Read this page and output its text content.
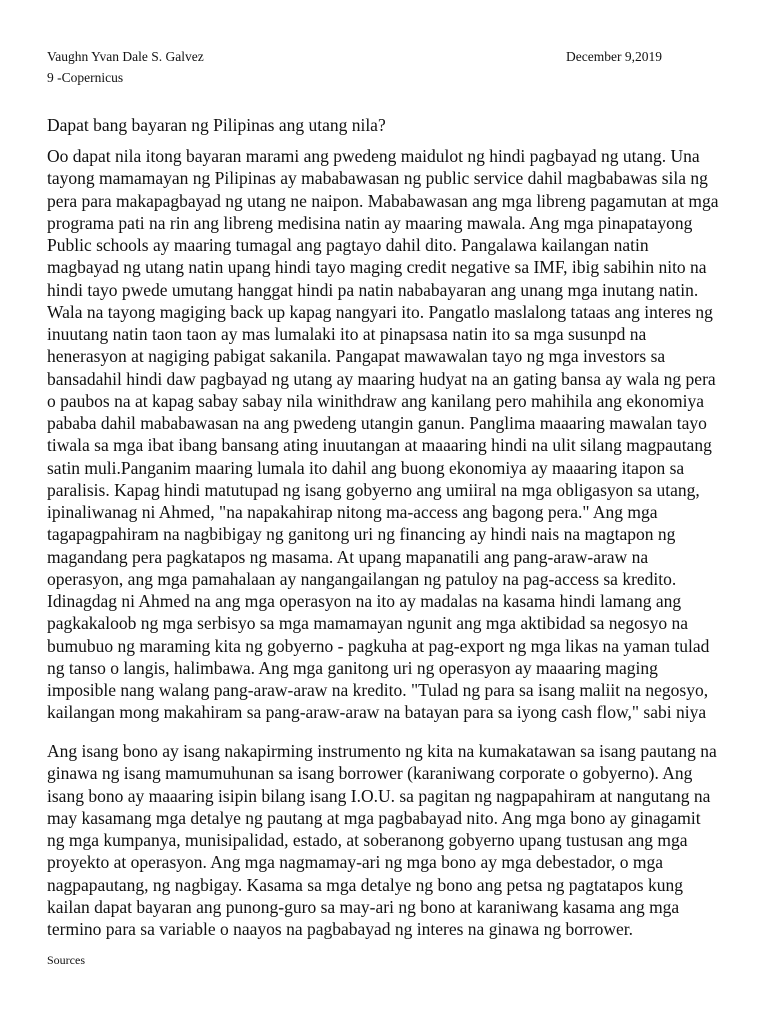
Vaughn Yvan Dale S. Galvez
9 -Copernicus
December 9,2019
Dapat bang bayaran ng Pilipinas ang utang nila?
Oo dapat nila itong bayaran marami ang pwedeng maidulot ng hindi pagbayad ng utang. Una
tayong mamamayan ng Pilipinas ay mababawasan ng public service dahil magbabawas sila ng
pera para makapagbayad ng utang ne naipon. Mababawasan ang mga libreng pagamutan at mga
programa pati na rin ang libreng medisina natin ay maaring mawala. Ang mga pinapatayong
Public schools ay maaring tumagal ang pagtayo dahil dito. Pangalawa kailangan natin
magbayad ng utang natin upang hindi tayo maging credit negative sa IMF, ibig sabihin nito na
hindi tayo pwede umutang hanggat hindi pa natin nababayaran ang unang mga inutang natin.
Wala na tayong magiging back up kapag nangyari ito. Pangatlo maslalong tataas ang interes ng
inuutang natin taon taon ay mas lumalaki ito at pinapsasa natin ito sa mga susunpd na
henerasyon at nagiging pabigat sakanila. Pangapat mawawalan tayo ng mga investors sa
bansadahil hindi daw pagbayad ng utang ay maaring hudyat na an gating bansa ay wala ng pera
o paubos na at kapag sabay sabay nila winithdraw ang kanilang pero mahihila ang ekonomiya
pababa dahil mababawasan na ang pwedeng utangin ganun. Panglima maaaring mawalan tayo
tiwala sa mga ibat ibang bansang ating inuutangan at maaaring hindi na ulit silang magpautang
satin muli.Panganim maaring lumala ito dahil ang buong ekonomiya ay maaaring itapon sa
paralisis. Kapag hindi matutupad ng isang gobyerno ang umiiral na mga obligasyon sa utang,
ipinaliwanag ni Ahmed, "na napakahirap nitong ma-access ang bagong pera." Ang mga
tagapagpahiram na nagbibigay ng ganitong uri ng financing ay hindi nais na magtapon ng
magandang pera pagkatapos ng masama. At upang mapanatili ang pang-araw-araw na
operasyon, ang mga pamahalaan ay nangangailangan ng patuloy na pag-access sa kredito.
Idinagdag ni Ahmed na ang mga operasyon na ito ay madalas na kasama hindi lamang ang
pagkakaloob ng mga serbisyo sa mga mamamayan ngunit ang mga aktibidad sa negosyo na
bumubuo ng maraming kita ng gobyerno - pagkuha at pag-export ng mga likas na yaman tulad
ng tanso o langis, halimbawa. Ang mga ganitong uri ng operasyon ay maaaring maging
imposible nang walang pang-araw-araw na kredito. "Tulad ng para sa isang maliit na negosyo,
kailangan mong makahiram sa pang-araw-araw na batayan para sa iyong cash flow," sabi niya
Ang isang bono ay isang nakapirming instrumento ng kita na kumakatawan sa isang pautang na
ginawa ng isang mamumuhunan sa isang borrower (karaniwang corporate o gobyerno). Ang
isang bono ay maaaring isipin bilang isang I.O.U. sa pagitan ng nagpapahiram at nangutang na
may kasamang mga detalye ng pautang at mga pagbabayad nito. Ang mga bono ay ginagamit
ng mga kumpanya, munisipalidad, estado, at soberanong gobyerno upang tustusan ang mga
proyekto at operasyon. Ang mga nagmamay-ari ng mga bono ay mga debestador, o mga
nagpapautang, ng nagbigay. Kasama sa mga detalye ng bono ang petsa ng pagtatapos kung
kailan dapat bayaran ang punong-guro sa may-ari ng bono at karaniwang kasama ang mga
termino para sa variable o naayos na pagbabayad ng interes na ginawa ng borrower.
Sources
